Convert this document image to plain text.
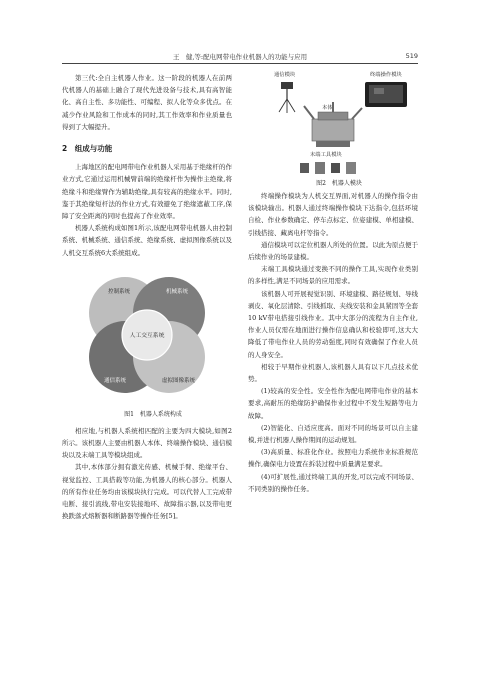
王　健,等:配电网带电作业机器人的功能与应用	519

第三代:全自主机器人作业。这一阶段的机器人在前两代机器人的基础上融合了现代先进设备与技术,具有高智能化、高自主性、多功能性、可编程、拟人化等众多优点。在减少作业风险和工作成本的同时,其工作效率和作业质量也得到了大幅提升。

2　组成与功能

上海地区的配电网带电作业机器人采用基于绝缘杆的作业方式,它通过运用机械臂前端的绝缘杆作为操作主绝缘,将绝缘斗和绝缘臂作为辅助绝缘,具有较高的绝缘水平。同时,鉴于其绝缘短杆法的作业方式,有效避免了绝缘遮蔽工序,保障了安全距离的同时也提高了作业效率。

机器人系统构成如图1所示,该配电网带电机器人由控制系统、机械系统、通信系统、绝缘系统、虚拟图像系统以及人机交互系统6大系统组成。

控制系统	机械系统
通信系统	虚拟图像系统
人工交互系统

图1　机器人系统构成

相应地,与机器人系统相匹配的主要为四大模块,如图2所示。该机器人主要由机器人本体、终端操作模块、通信模块以及末端工具等模块组成。

其中,本体部分拥有激光传感、机械手臂、绝缘平台、视觉监控、工具搭载等功能,为机器人的核心部分。机器人的所有作业任务均由该模块执行完成。可以代替人工完成带电断、接引流线,带电安装接地环、故障指示器,以及带电更换跌落式熔断器和断路器等操作任务[5]。

通信模块	终端操作模块
本体
末端工具模块

图2　机器人模块

终端操作模块为人机交互界面,对机器人的操作指令由该模块输出。机器人通过终端操作模块下达指令,包括环境自检、作业参数确定、停车点标定、位姿建模、单相建模、引线搭接、藏离电杆等指令。

通信模块可以定位机器人所处的位置。以此为原点便于后续作业的场景建模。

末端工具模块通过变换不同的操作工具,实现作业类别的多样性,满足不同场景的应用需求。

该机器人可开展视觉识别、环境建模、路径规划、导线剥皮、氧化层清除、引线抓取、夹线安装和金具紧固等全套10 kV带电搭接引线作业。其中大部分的流程为自主作业,作业人员仅需在地面进行操作信息确认和校验即可,这大大降低了带电作业人员的劳动强度,同时有效确保了作业人员的人身安全。

相较于早期作业机器人,该机器人具有以下几点技术优势。

(1)较高的安全性。安全性作为配电网带电作业的基本要求,高耐压的绝缘防护确保作业过程中不发生短路等电力故障。

(2)智能化、自适应度高。面对不同的场景可以自主建模,并进行机器人操作期间的运动规划。

(3)高质量、标准化作业。按照电力系统作业标准规范操作,确保电力设置在拆装过程中质量满足要求。

(4)可扩展性,通过终端工具的开发,可以完成不同场景、不同类别的操作任务。
